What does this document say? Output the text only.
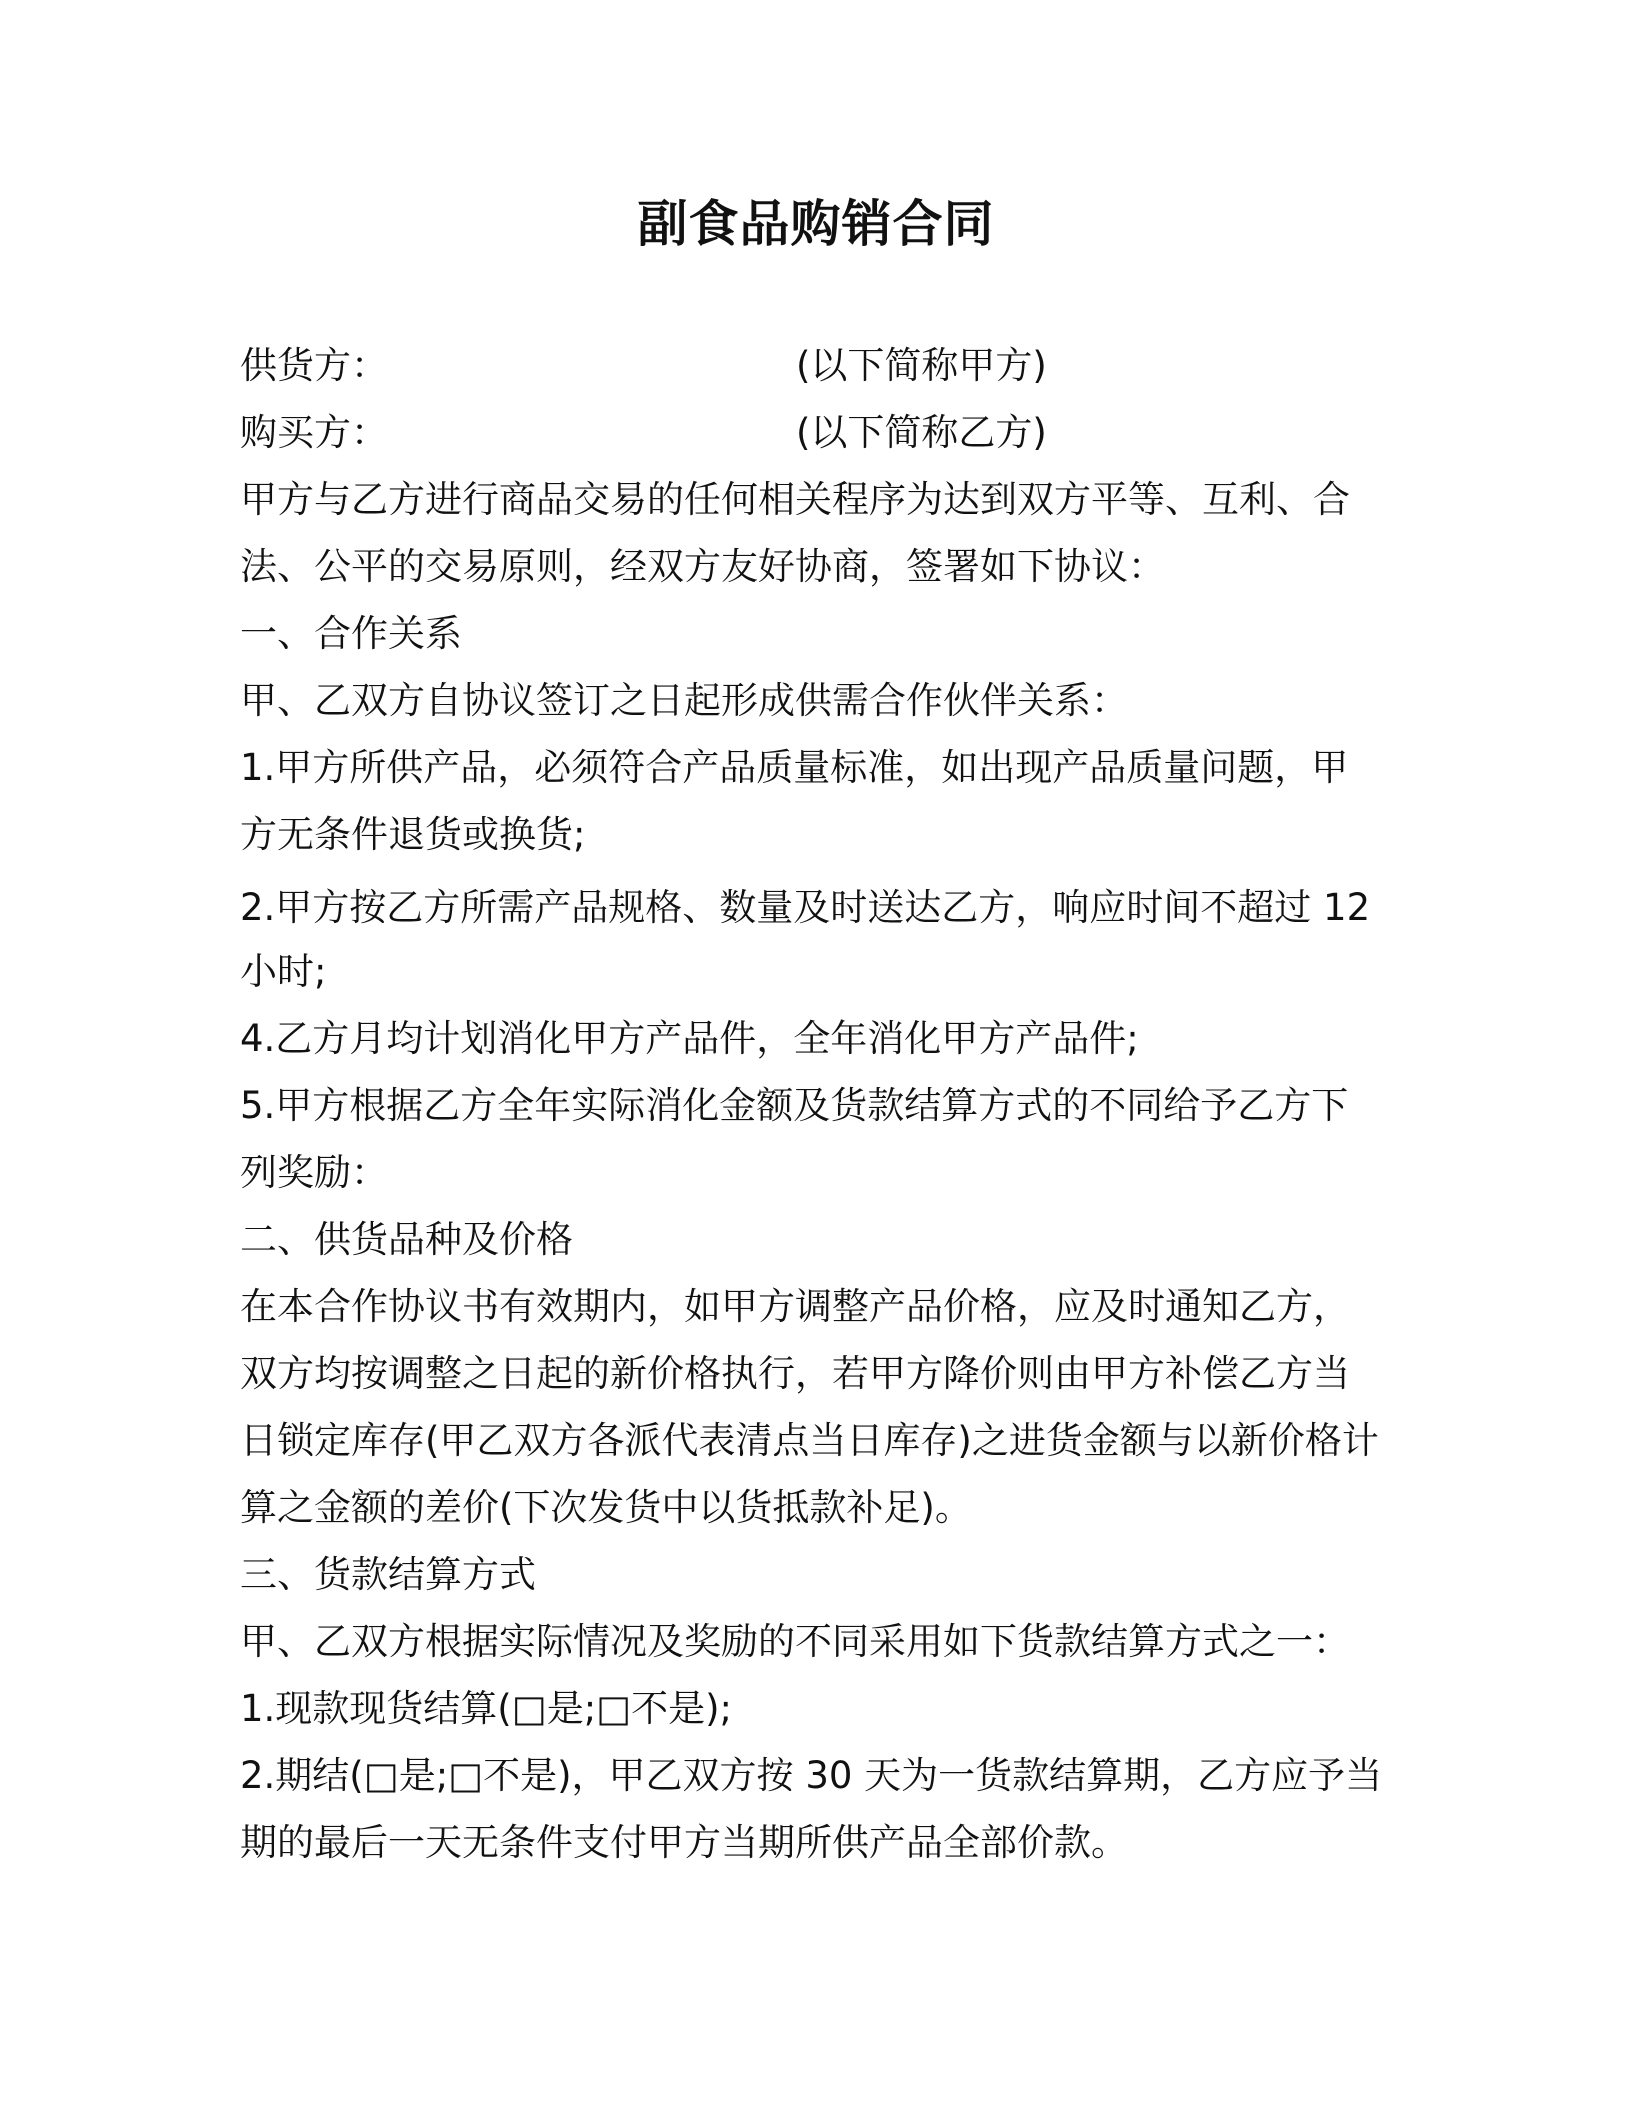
副食品购销合同
供货方：	(以下简称甲方)
购买方：	(以下简称乙方)
甲方与乙方进行商品交易的任何相关程序为达到双方平等、互利、合
法、公平的交易原则，经双方友好协商，签署如下协议：
一、合作关系
甲、乙双方自协议签订之日起形成供需合作伙伴关系：
1.甲方所供产品，必须符合产品质量标准，如出现产品质量问题，甲
方无条件退货或换货;
2.甲方按乙方所需产品规格、数量及时送达乙方，响应时间不超过 12
小时;
4.乙方月均计划消化甲方产品件，全年消化甲方产品件;
5.甲方根据乙方全年实际消化金额及货款结算方式的不同给予乙方下
列奖励：
二、供货品种及价格
在本合作协议书有效期内，如甲方调整产品价格，应及时通知乙方，
双方均按调整之日起的新价格执行，若甲方降价则由甲方补偿乙方当
日锁定库存(甲乙双方各派代表清点当日库存)之进货金额与以新价格计
算之金额的差价(下次发货中以货抵款补足)。
三、货款结算方式
甲、乙双方根据实际情况及奖励的不同采用如下货款结算方式之一：
1.现款现货结算(□是;□不是);
2.期结(□是;□不是)，甲乙双方按 30 天为一货款结算期，乙方应予当
期的最后一天无条件支付甲方当期所供产品全部价款。
